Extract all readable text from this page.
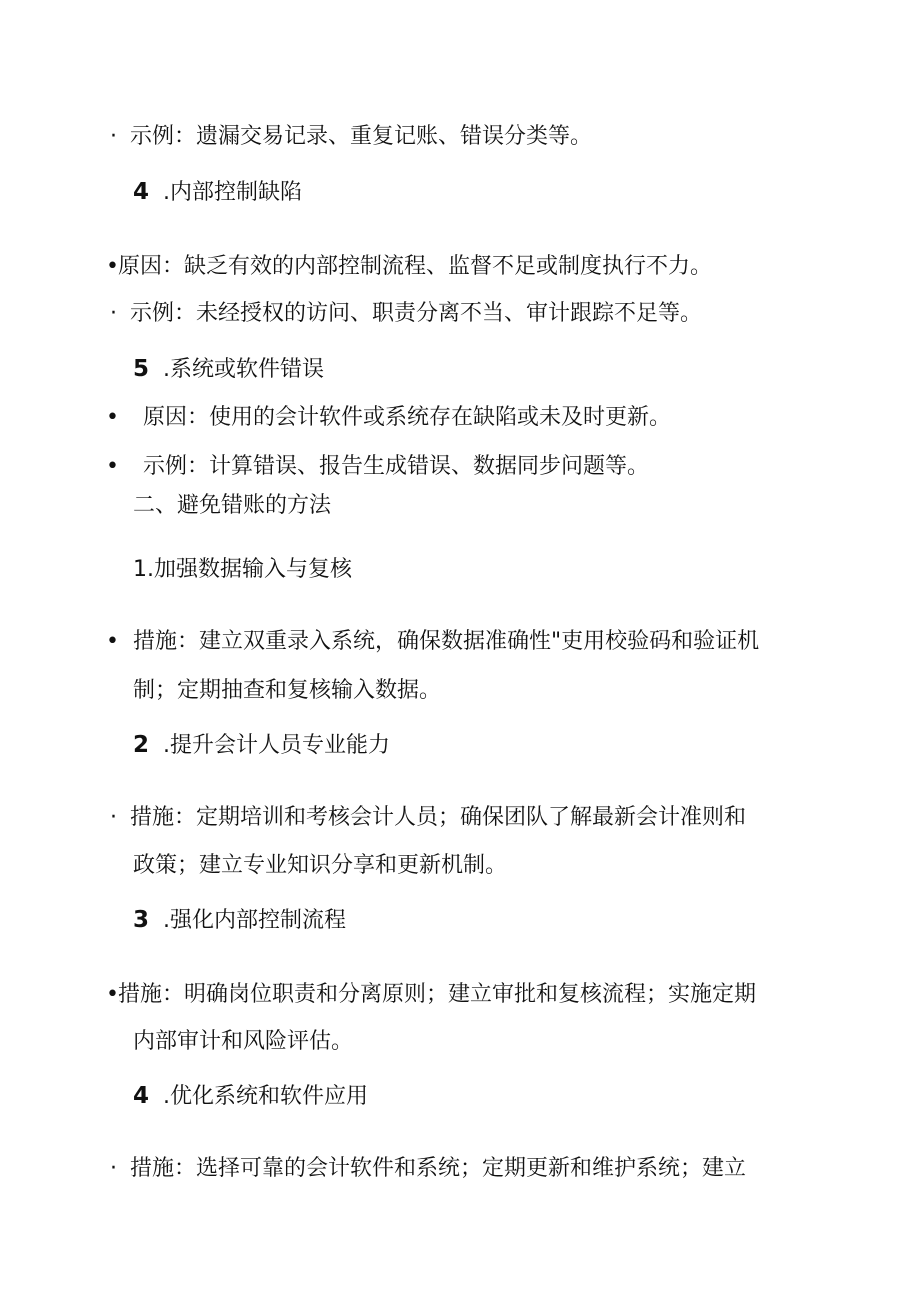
· 示例：遗漏交易记录、重复记账、错误分类等。
4 .内部控制缺陷
•原因：缺乏有效的内部控制流程、监督不足或制度执行不力。
· 示例：未经授权的访问、职责分离不当、审计跟踪不足等。
5 .系统或软件错误
• 原因：使用的会计软件或系统存在缺陷或未及时更新。
• 示例：计算错误、报告生成错误、数据同步问题等。
二、避免错账的方法
1.加强数据输入与复核
• 措施：建立双重录入系统，确保数据准确性"吏用校验码和验证机
制；定期抽查和复核输入数据。
2 .提升会计人员专业能力
· 措施：定期培训和考核会计人员；确保团队了解最新会计准则和
政策；建立专业知识分享和更新机制。
3 .强化内部控制流程
•措施：明确岗位职责和分离原则；建立审批和复核流程；实施定期
内部审计和风险评估。
4 .优化系统和软件应用
· 措施：选择可靠的会计软件和系统；定期更新和维护系统；建立
